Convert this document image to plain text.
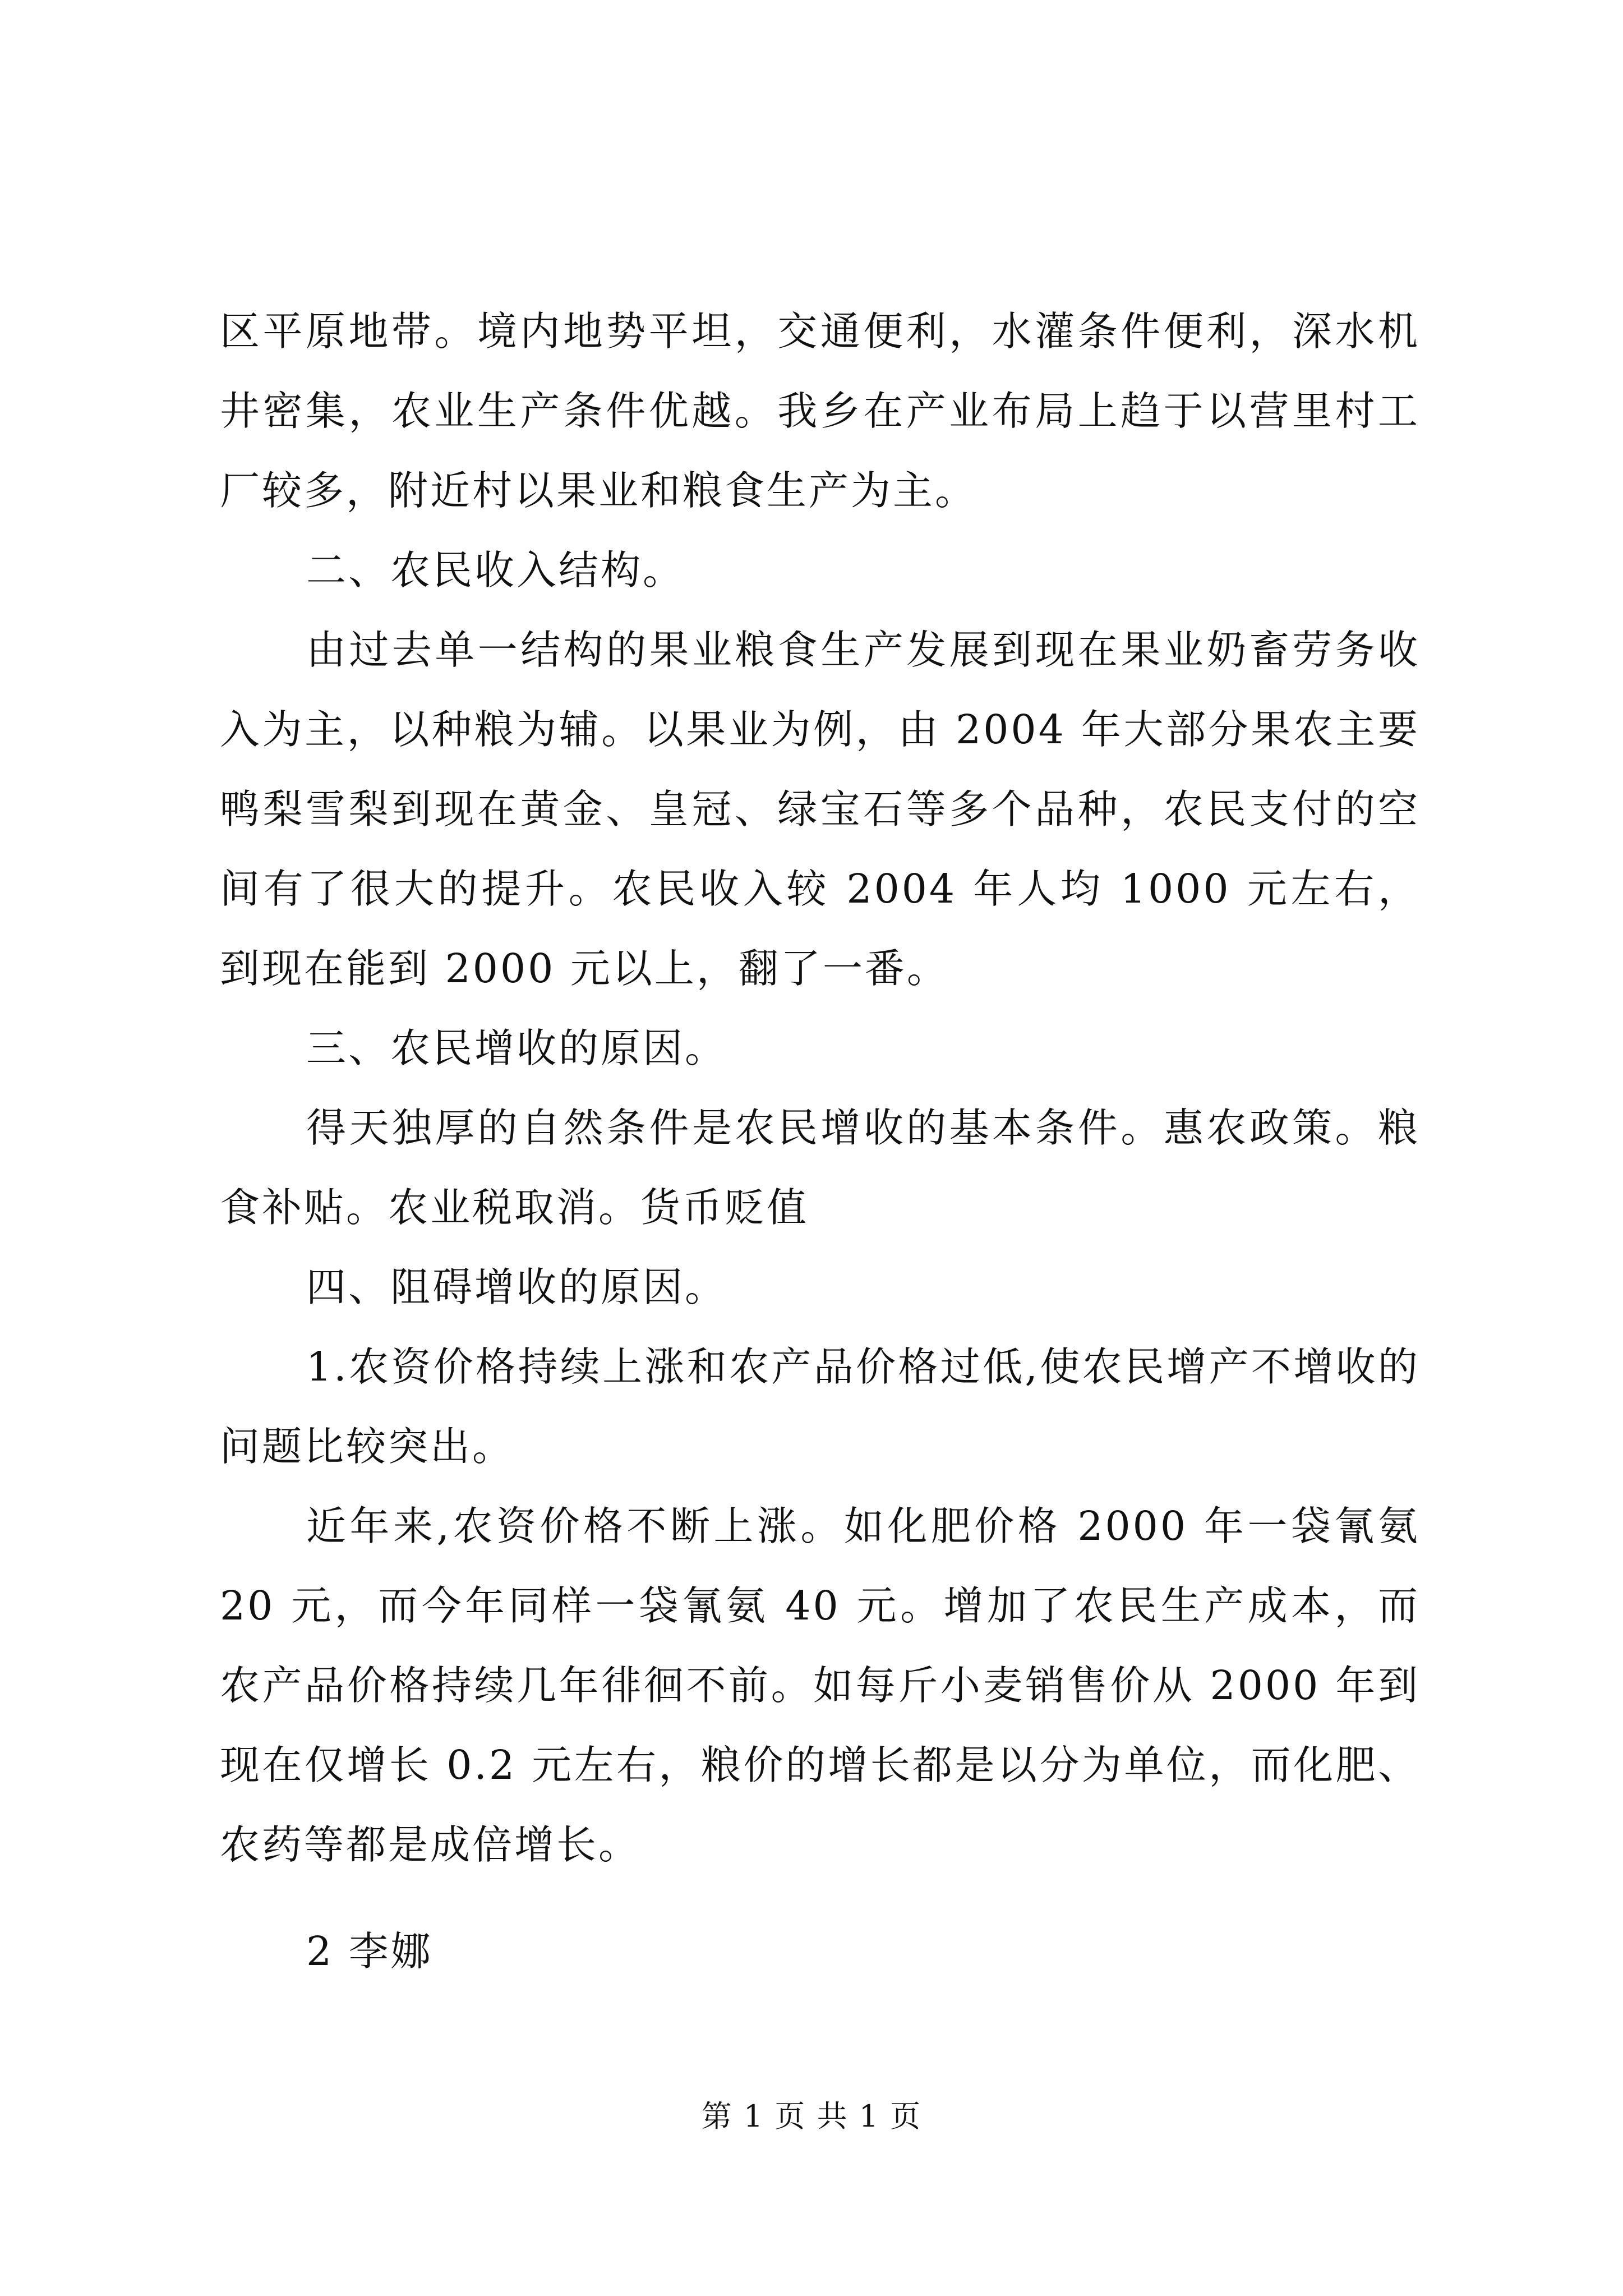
区平原地带。境内地势平坦，交通便利，水灌条件便利，深水机井密集，农业生产条件优越。我乡在产业布局上趋于以营里村工厂较多，附近村以果业和粮食生产为主。

二、农民收入结构。

由过去单一结构的果业粮食生产发展到现在果业奶畜劳务收入为主，以种粮为辅。以果业为例，由 2004 年大部分果农主要鸭梨雪梨到现在黄金、皇冠、绿宝石等多个品种，农民支付的空间有了很大的提升。农民收入较 2004 年人均 1000 元左右，到现在能到 2000 元以上，翻了一番。

三、农民增收的原因。

得天独厚的自然条件是农民增收的基本条件。惠农政策。粮食补贴。农业税取消。货币贬值

四、阻碍增收的原因。

1.农资价格持续上涨和农产品价格过低,使农民增产不增收的问题比较突出。

近年来,农资价格不断上涨。如化肥价格 2000 年一袋氰氨 20 元，而今年同样一袋氰氨 40 元。增加了农民生产成本，而农产品价格持续几年徘徊不前。如每斤小麦销售价从 2000 年到现在仅增长 0.2 元左右，粮价的增长都是以分为单位，而化肥、农药等都是成倍增长。

2 李娜

第 1 页 共 1 页
